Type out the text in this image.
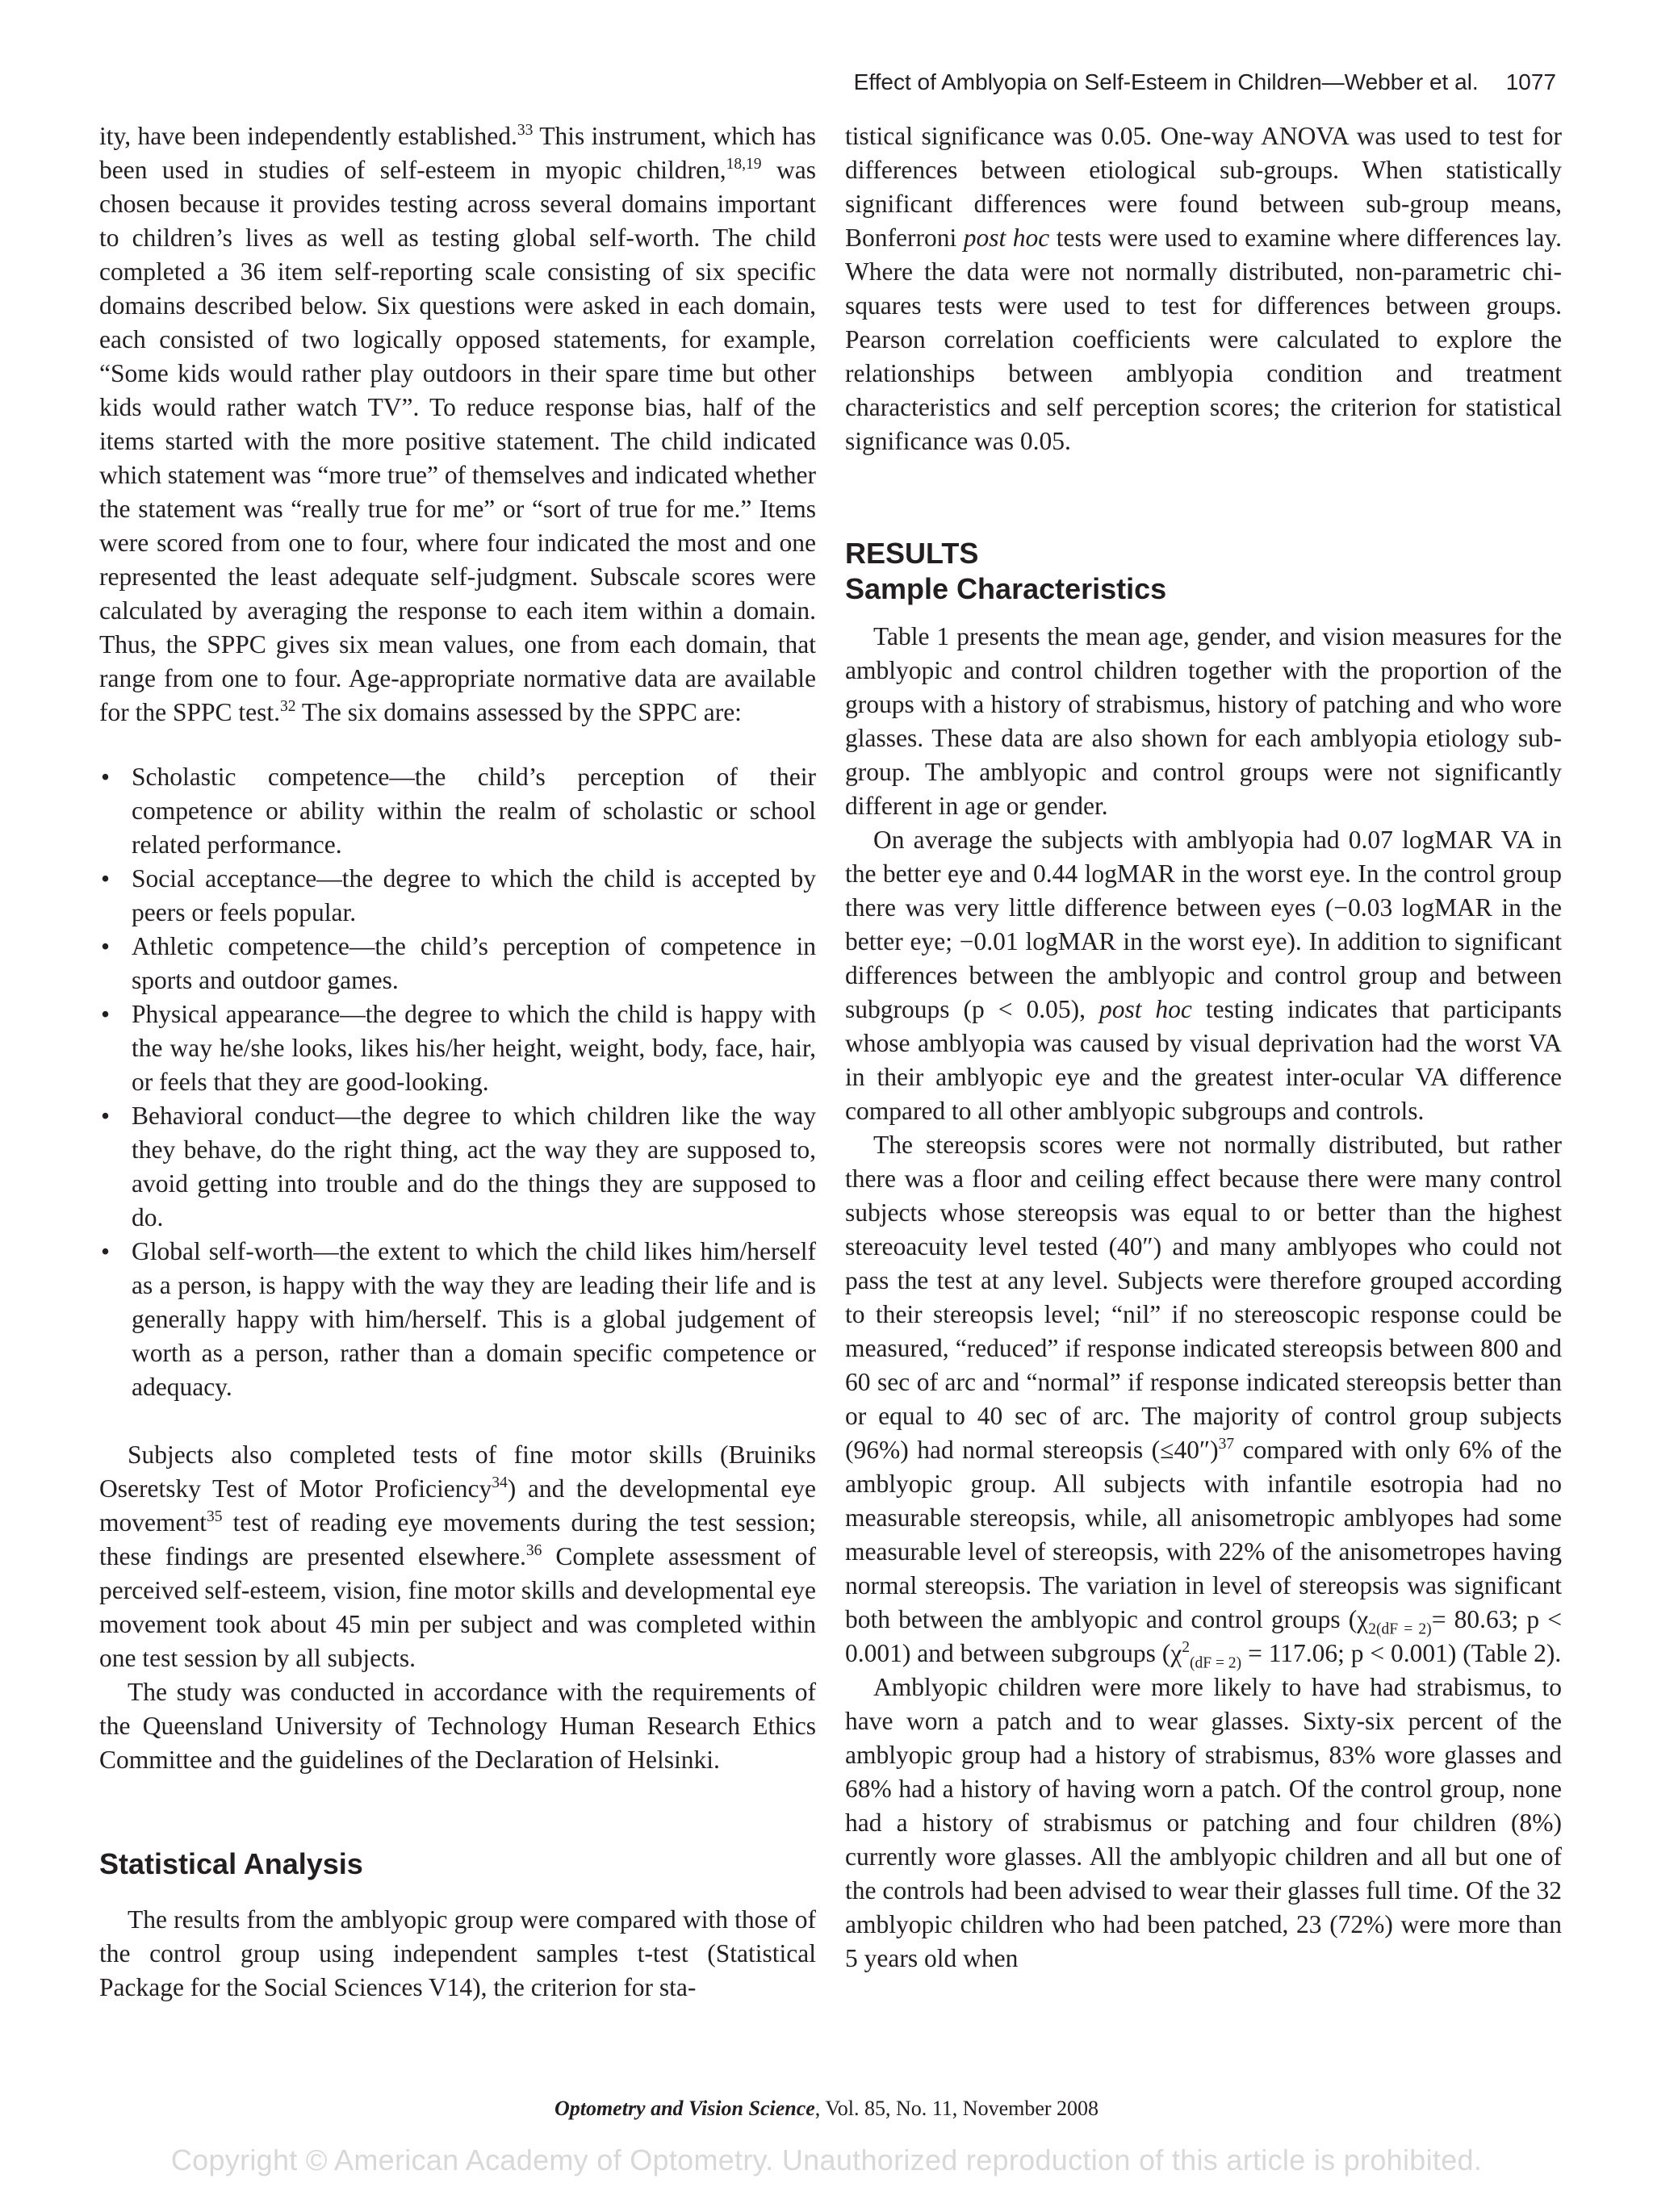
Effect of Amblyopia on Self-Esteem in Children—Webber et al. 1077

ity, have been independently established.$^{33}$ This instrument, which has been used in studies of self-esteem in myopic children,$^{18,19}$ was chosen because it provides testing across several domains important to children’s lives as well as testing global self-worth. The child completed a 36 item self-reporting scale consisting of six specific domains described below. Six questions were asked in each domain, each consisted of two logically opposed statements, for example, “Some kids would rather play outdoors in their spare time but other kids would rather watch TV”. To reduce response bias, half of the items started with the more positive statement. The child indicated which statement was “more true” of themselves and indicated whether the statement was “really true for me” or “sort of true for me.” Items were scored from one to four, where four indicated the most and one represented the least adequate self-judgment. Subscale scores were calculated by averaging the response to each item within a domain. Thus, the SPPC gives six mean values, one from each domain, that range from one to four. Age-appropriate normative data are available for the SPPC test.$^{32}$ The six domains assessed by the SPPC are:

• Scholastic competence—the child’s perception of their competence or ability within the realm of scholastic or school related performance.
• Social acceptance—the degree to which the child is accepted by peers or feels popular.
• Athletic competence—the child’s perception of competence in sports and outdoor games.
• Physical appearance—the degree to which the child is happy with the way he/she looks, likes his/her height, weight, body, face, hair, or feels that they are good-looking.
• Behavioral conduct—the degree to which children like the way they behave, do the right thing, act the way they are supposed to, avoid getting into trouble and do the things they are supposed to do.
• Global self-worth—the extent to which the child likes him/herself as a person, is happy with the way they are leading their life and is generally happy with him/herself. This is a global judgement of worth as a person, rather than a domain specific competence or adequacy.

Subjects also completed tests of fine motor skills (Bruiniks Oseretsky Test of Motor Proficiency$^{34}$) and the developmental eye movement$^{35}$ test of reading eye movements during the test session; these findings are presented elsewhere.$^{36}$ Complete assessment of perceived self-esteem, vision, fine motor skills and developmental eye movement took about 45 min per subject and was completed within one test session by all subjects.

The study was conducted in accordance with the requirements of the Queensland University of Technology Human Research Ethics Committee and the guidelines of the Declaration of Helsinki.

Statistical Analysis

The results from the amblyopic group were compared with those of the control group using independent samples t-test (Statistical Package for the Social Sciences V14), the criterion for sta-

tistical significance was 0.05. One-way ANOVA was used to test for differences between etiological sub-groups. When statistically significant differences were found between sub-group means, Bonferroni post hoc tests were used to examine where differences lay. Where the data were not normally distributed, non-parametric chi-squares tests were used to test for differences between groups. Pearson correlation coefficients were calculated to explore the relationships between amblyopia condition and treatment characteristics and self perception scores; the criterion for statistical significance was 0.05.

RESULTS
Sample Characteristics

Table 1 presents the mean age, gender, and vision measures for the amblyopic and control children together with the proportion of the groups with a history of strabismus, history of patching and who wore glasses. These data are also shown for each amblyopia etiology sub-group. The amblyopic and control groups were not significantly different in age or gender.

On average the subjects with amblyopia had 0.07 logMAR VA in the better eye and 0.44 logMAR in the worst eye. In the control group there was very little difference between eyes (−0.03 logMAR in the better eye; −0.01 logMAR in the worst eye). In addition to significant differences between the amblyopic and control group and between subgroups (p < 0.05), post hoc testing indicates that participants whose amblyopia was caused by visual deprivation had the worst VA in their amblyopic eye and the greatest inter-ocular VA difference compared to all other amblyopic subgroups and controls.

The stereopsis scores were not normally distributed, but rather there was a floor and ceiling effect because there were many control subjects whose stereopsis was equal to or better than the highest stereoacuity level tested (40″) and many amblyopes who could not pass the test at any level. Subjects were therefore grouped according to their stereopsis level; “nil” if no stereoscopic response could be measured, “reduced” if response indicated stereopsis between 800 and 60 sec of arc and “normal” if response indicated stereopsis better than or equal to 40 sec of arc. The majority of control group subjects (96%) had normal stereopsis (≤40″)$^{37}$ compared with only 6% of the amblyopic group. All subjects with infantile esotropia had no measurable stereopsis, while, all anisometropic amblyopes had some measurable level of stereopsis, with 22% of the anisometropes having normal stereopsis. The variation in level of stereopsis was significant both between the amblyopic and control groups ($\chi_{2(dF = 2)}= 80.63$; p < 0.001) and between subgroups ($\chi^2_{(dF = 2)} = 117.06$; p < 0.001) (Table 2).

Amblyopic children were more likely to have had strabismus, to have worn a patch and to wear glasses. Sixty-six percent of the amblyopic group had a history of strabismus, 83% wore glasses and 68% had a history of having worn a patch. Of the control group, none had a history of strabismus or patching and four children (8%) currently wore glasses. All the amblyopic children and all but one of the controls had been advised to wear their glasses full time. Of the 32 amblyopic children who had been patched, 23 (72%) were more than 5 years old when

Optometry and Vision Science, Vol. 85, No. 11, November 2008
Copyright © American Academy of Optometry. Unauthorized reproduction of this article is prohibited.
